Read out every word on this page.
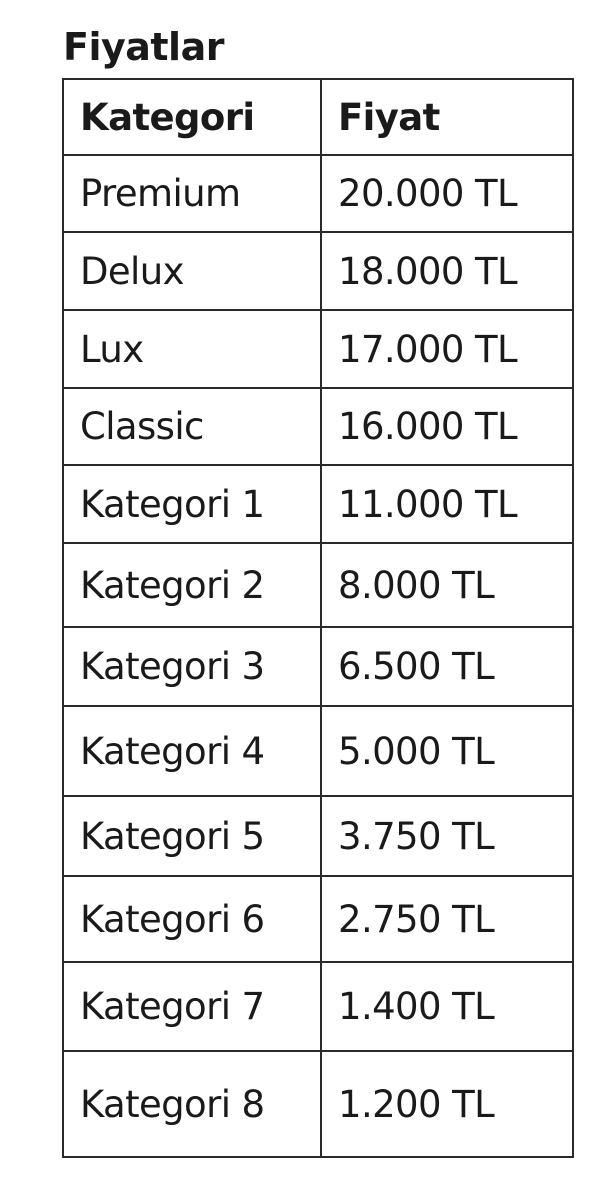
Fiyatlar
Kategori	Fiyat
Premium	20.000 TL
Delux	18.000 TL
Lux	17.000 TL
Classic	16.000 TL
Kategori 1	11.000 TL
Kategori 2	8.000 TL
Kategori 3	6.500 TL
Kategori 4	5.000 TL
Kategori 5	3.750 TL
Kategori 6	2.750 TL
Kategori 7	1.400 TL
Kategori 8	1.200 TL
